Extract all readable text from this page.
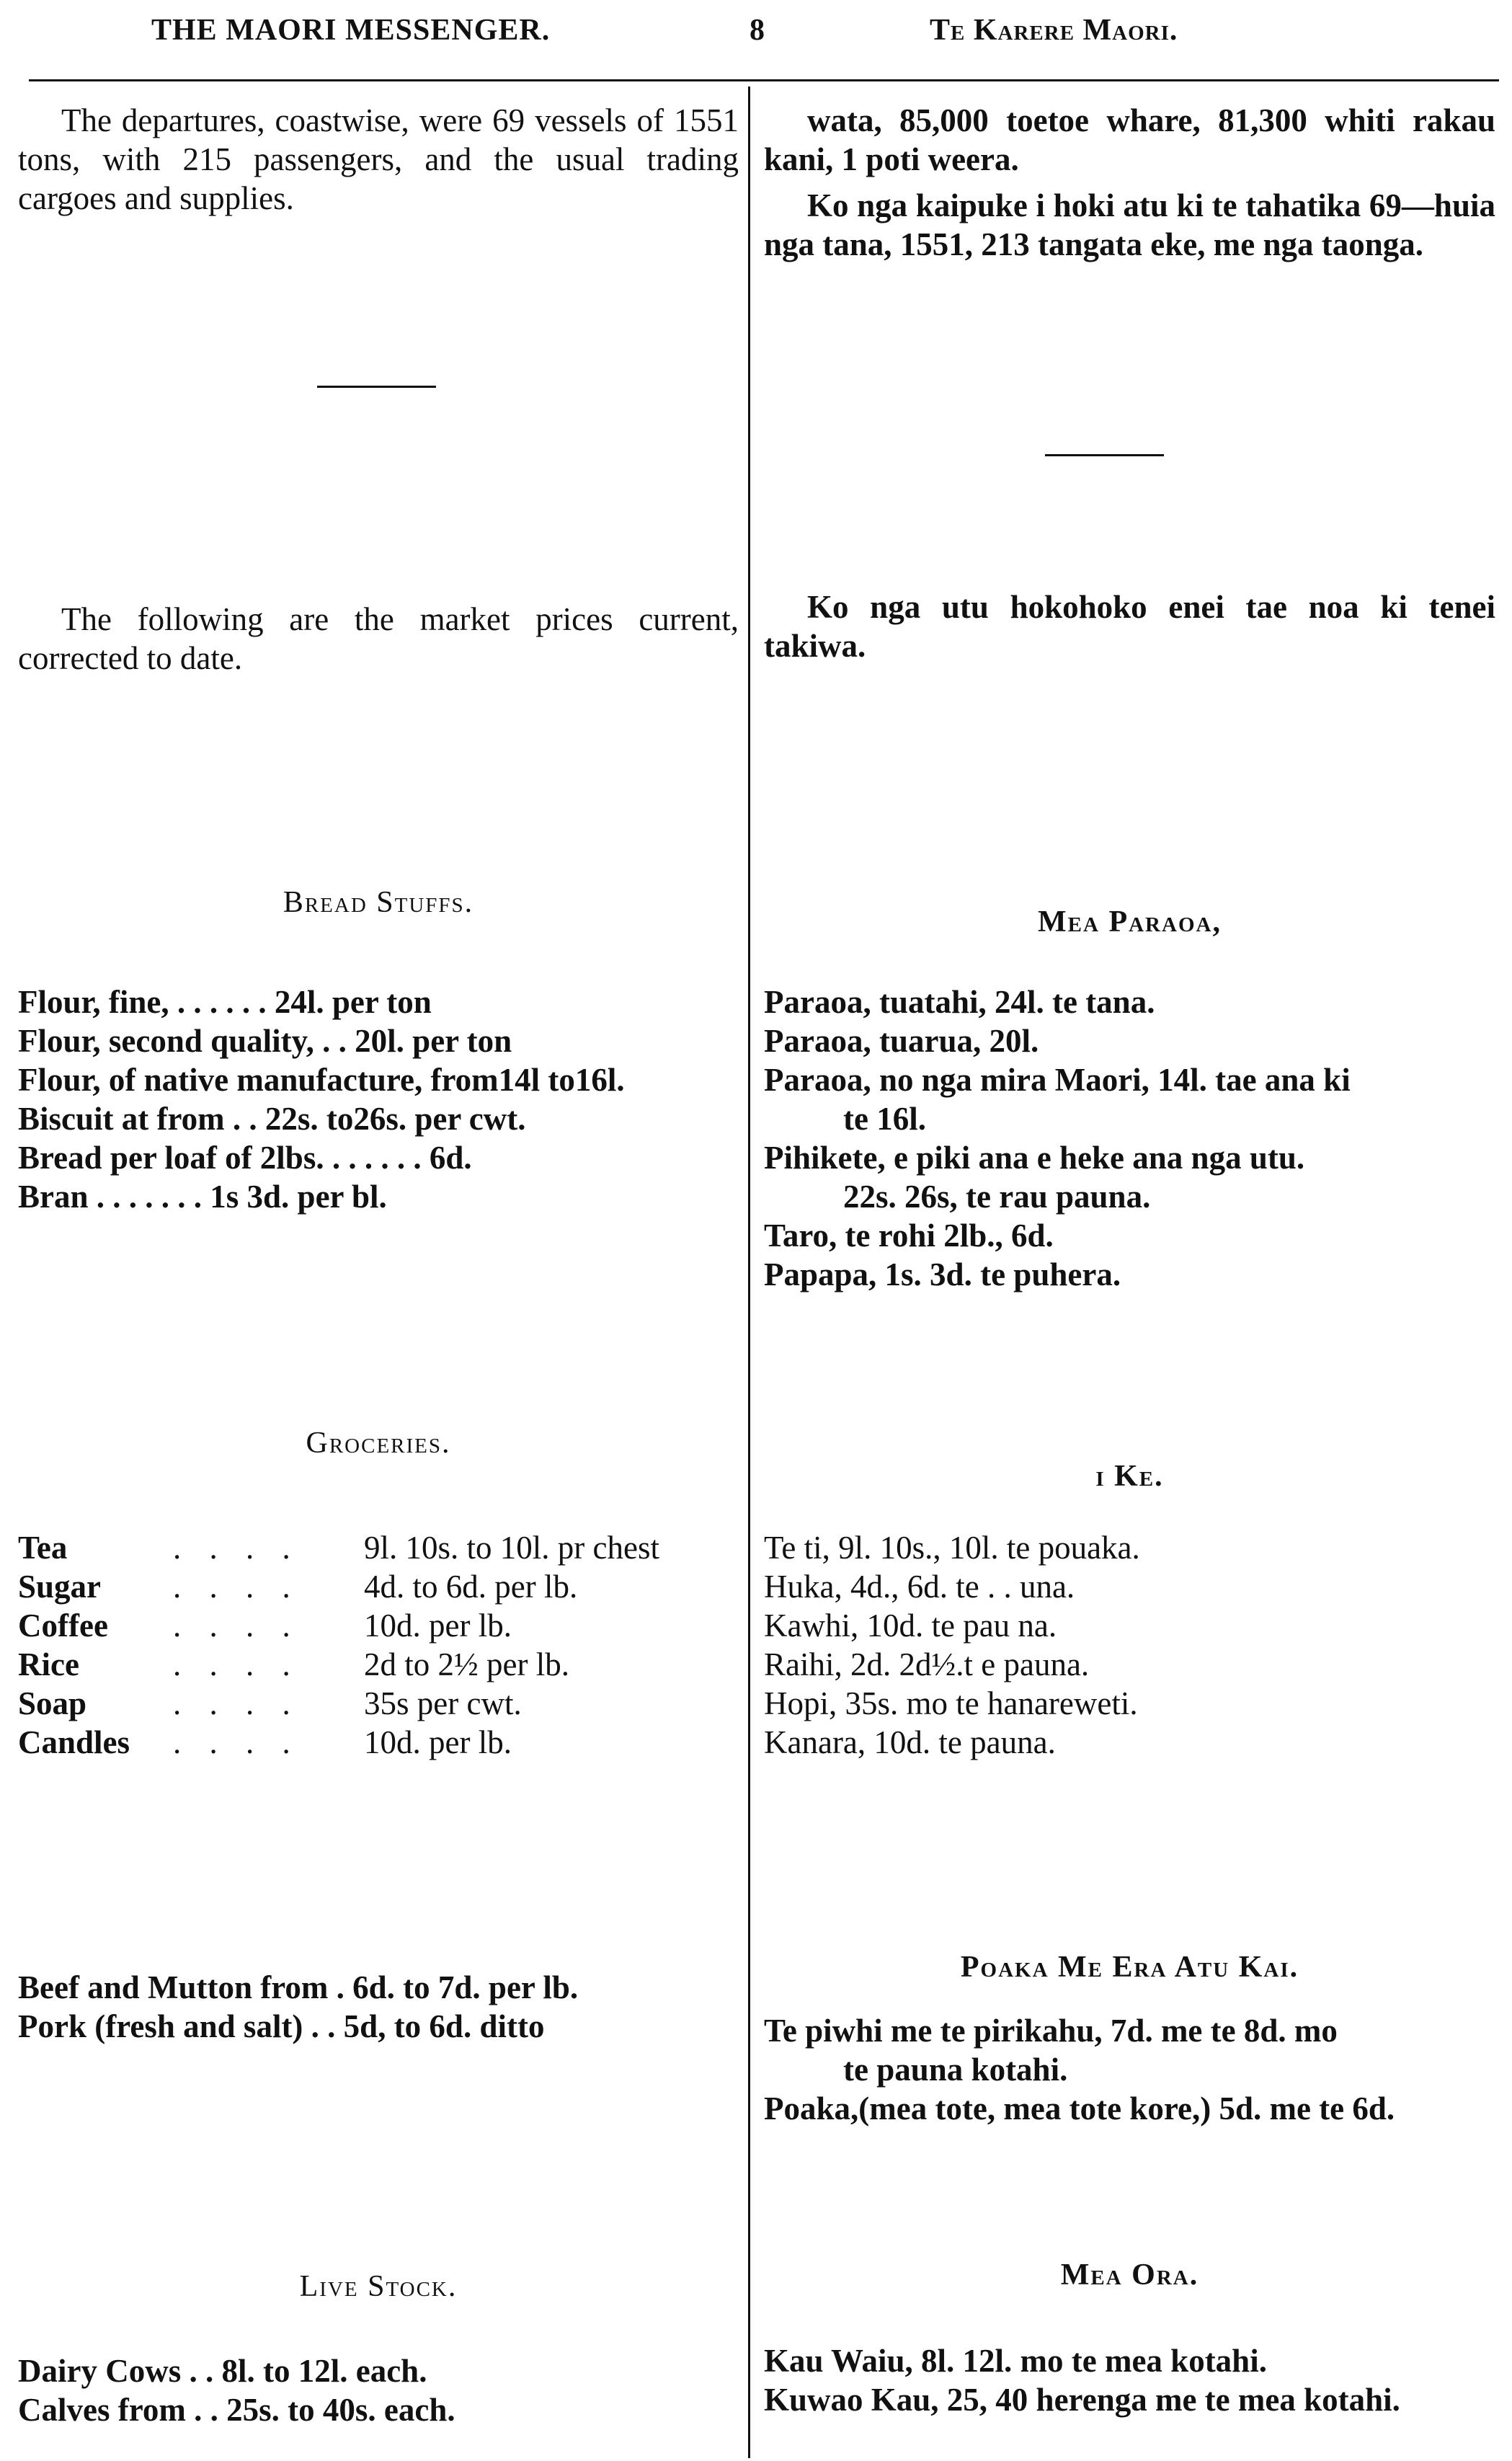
THE MAORI MESSENGER.	8	Te Karere Maori.

The departures, coastwise, were 69 vessels of 1551 tons, with 215 passengers, and the usual trading cargoes and supplies.

wata, 85,000 toetoe whare, 81,300 whiti rakau kani, 1 poti weera.

Ko nga kaipuke i hoki atu ki te tahatika 69—huia nga tana, 1551, 213 tangata eke, me nga taonga.

The following are the market prices current, corrected to date.

Ko nga utu hokohoko enei tae noa ki tenei takiwa.

Bread Stuffs.
Mea Paraoa,
Flour, fine, . . . . . . 24l. per ton
Flour, second quality, . . 20l. per ton
Flour, of native manufacture, from14l to16l.
Biscuit at from . . 22s. to26s. per cwt.
Bread per loaf of 2lbs. . . . . . . 6d.
Bran . . . . . . . 1s 3d. per bl.
Paraoa, tuatahi, 24l. te tana.
Paraoa, tuarua, 20l.
Paraoa, no nga mira Maori, 14l. tae ana ki
te 16l.
Pihikete, e piki ana e heke ana nga utu.
22s. 26s, te rau pauna.
Taro, te rohi 2lb., 6d.
Papapa, 1s. 3d. te puhera.
Groceries.
i Ke.
Tea	. . . .	9l. 10s. to 10l. pr chest
Sugar	. . . .	4d. to 6d. per lb.
Coffee	. . . .	10d. per lb.
Rice	. . . .	2d to 2½ per lb.
Soap	. . . .	35s per cwt.
Candles	. . . .	10d. per lb.
Te ti, 9l. 10s., 10l. te pouaka.
Huka, 4d., 6d. te . . una.
Kawhi, 10d. te pau na.
Raihi, 2d. 2d½.t e pauna.
Hopi, 35s. mo te hanareweti.
Kanara, 10d. te pauna.
Poaka Me Era Atu Kai.
Beef and Mutton from . 6d. to 7d. per lb.
Pork (fresh and salt) . . 5d, to 6d. ditto	Te piwhi me te pirikahu, 7d. me te 8d. mo
te pauna kotahi.
Poaka,(mea tote, mea tote kore,) 5d. me te 6d.
Live Stock.	Mea Ora.
Dairy Cows . . 8l. to 12l. each.
Calves from . . 25s. to 40s. each.
Kau Waiu, 8l. 12l. mo te mea kotahi.
Kuwao Kau, 25, 40 herenga me te mea kotahi.
